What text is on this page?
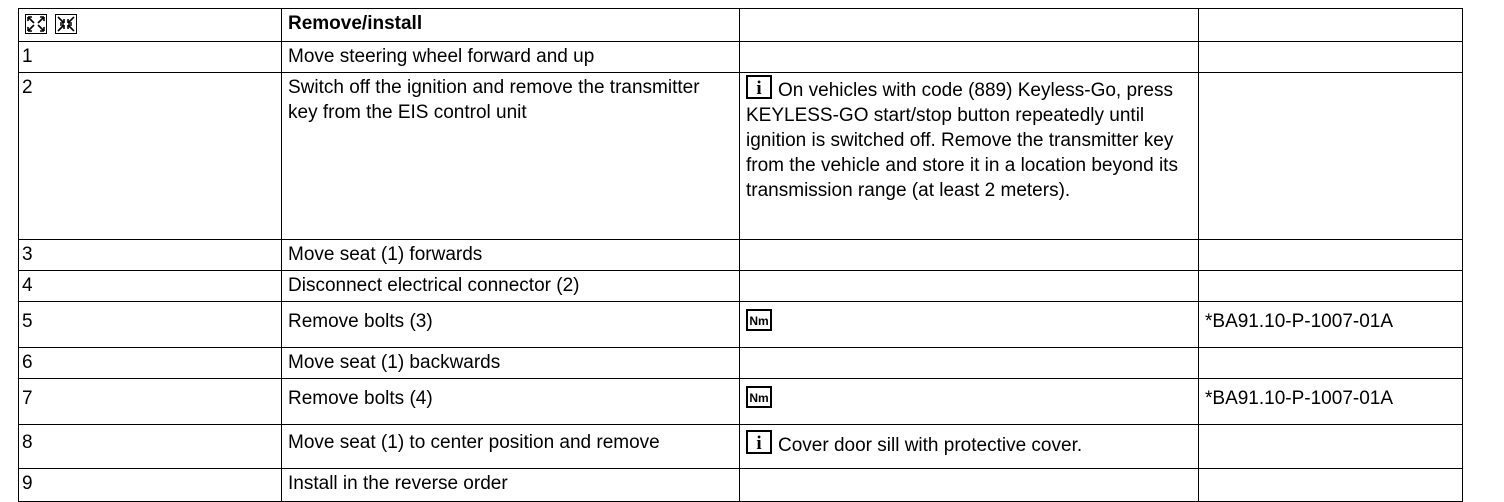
	Remove/install		
1	Move steering wheel forward and up		
2	Switch off the ignition and remove the transmitter key from the EIS control unit	i On vehicles with code (889) Keyless-Go, press KEYLESS-GO start/stop button repeatedly until ignition is switched off. Remove the transmitter key from the vehicle and store it in a location beyond its transmission range (at least 2 meters).	
3	Move seat (1) forwards		
4	Disconnect electrical connector (2)		
5	Remove bolts (3)	Nm	*BA91.10-P-1007-01A
6	Move seat (1) backwards		
7	Remove bolts (4)	Nm	*BA91.10-P-1007-01A
8	Move seat (1) to center position and remove	i Cover door sill with protective cover.	
9	Install in the reverse order		
